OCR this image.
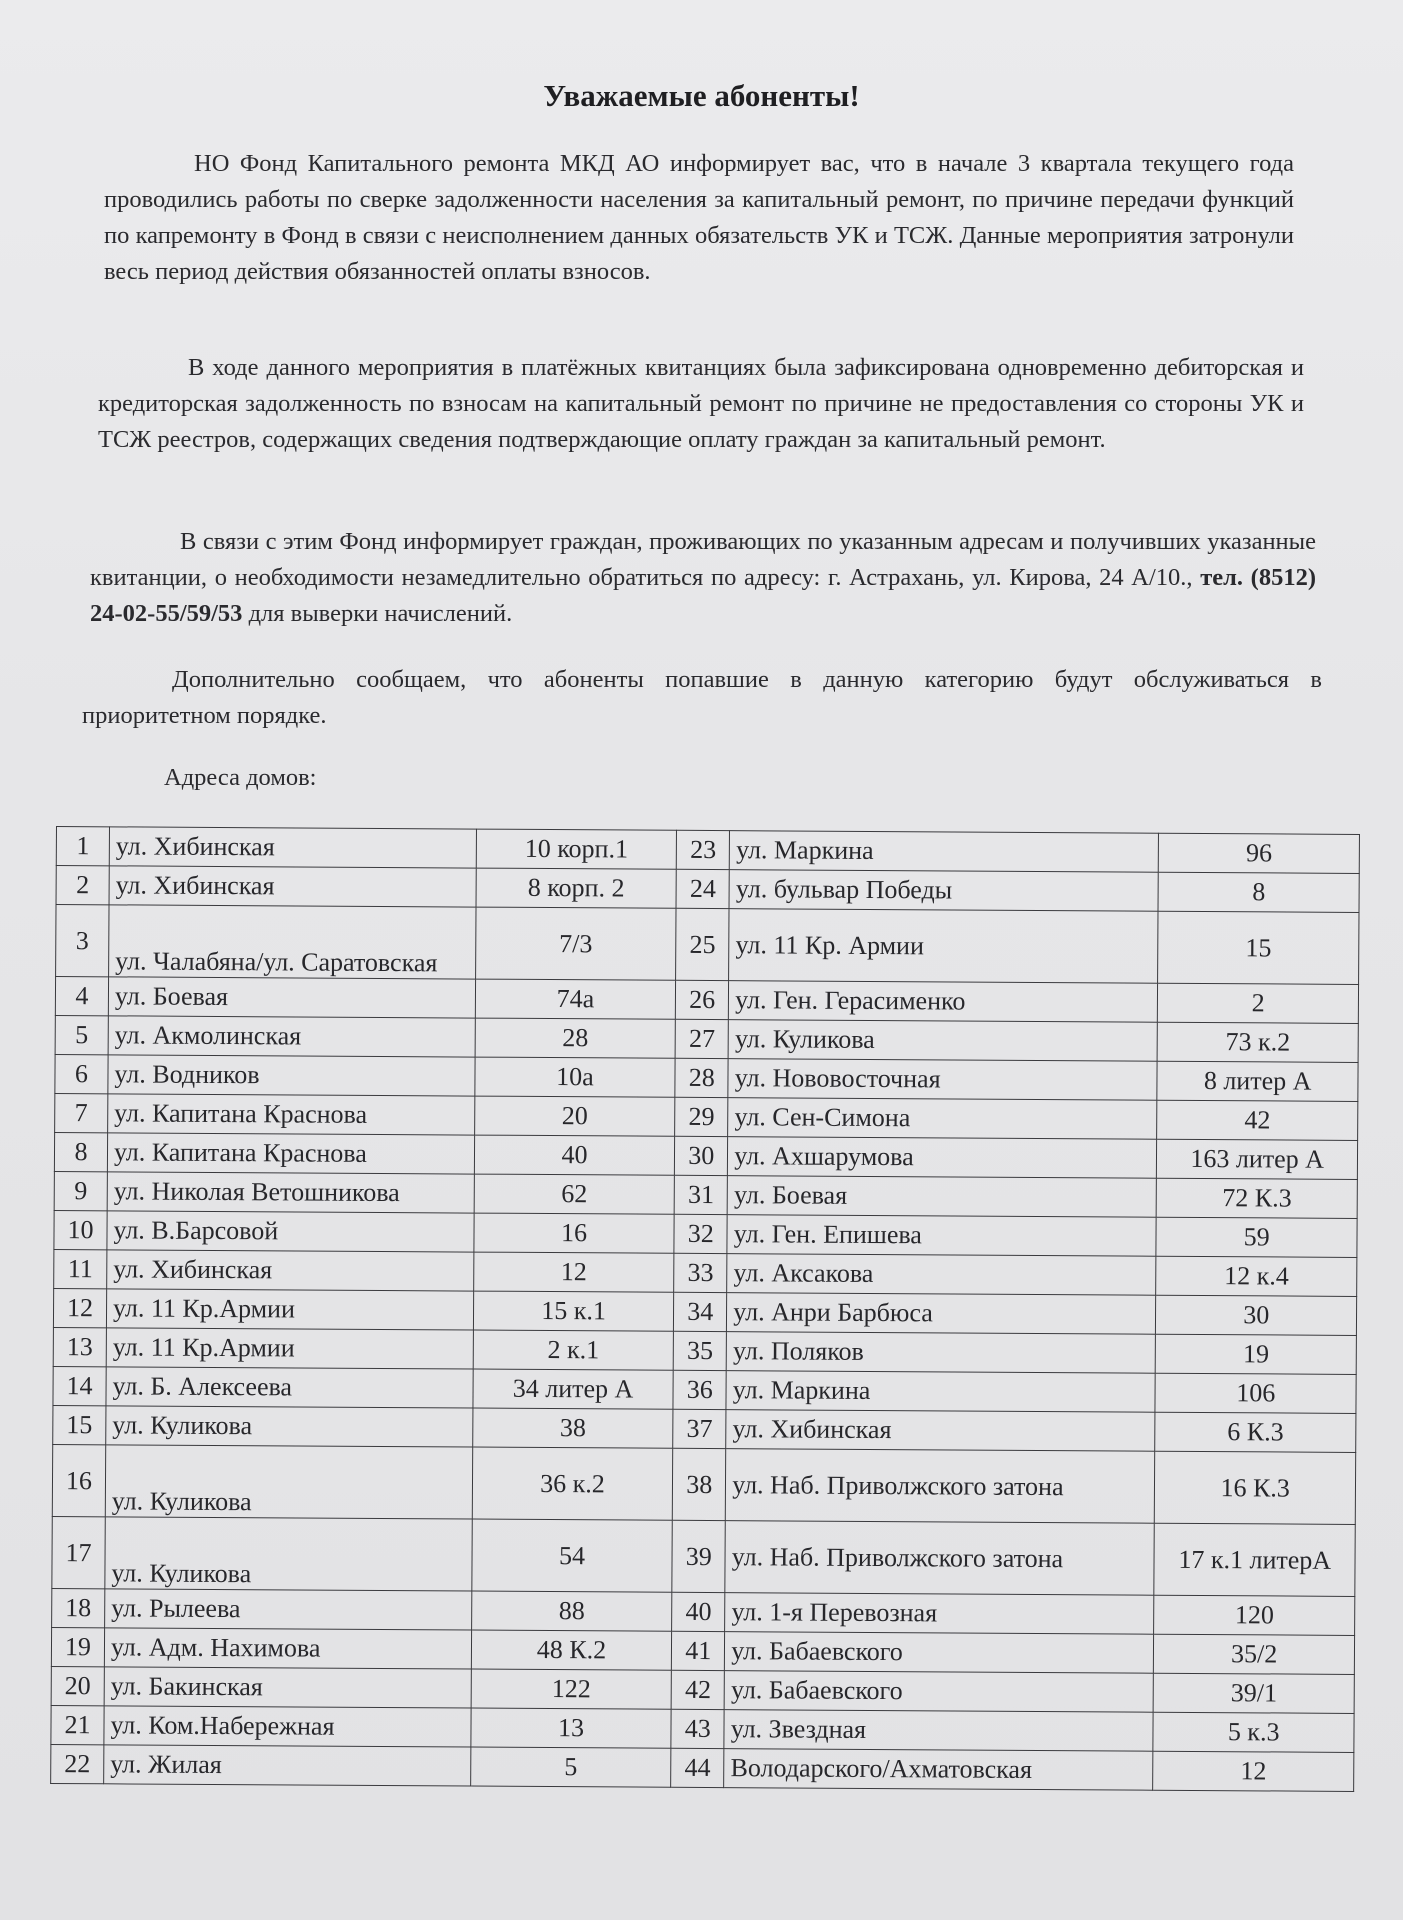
Уважаемые абоненты!
НО Фонд Капитального ремонта МКД АО информирует вас, что в начале 3 квартала текущего года проводились работы по сверке задолженности населения за капитальный ремонт, по причине передачи функций по капремонту в Фонд в связи с неисполнением данных обязательств УК и ТСЖ. Данные мероприятия затронули весь период действия обязанностей оплаты взносов.
В ходе данного мероприятия в платёжных квитанциях была зафиксирована одновременно дебиторская и кредиторская задолженность по взносам на капитальный ремонт по причине не предоставления со стороны УК и ТСЖ реестров, содержащих сведения подтверждающие оплату граждан за капитальный ремонт.
В связи с этим Фонд информирует граждан, проживающих по указанным адресам и получивших указанные квитанции, о необходимости незамедлительно обратиться по адресу: г. Астрахань, ул. Кирова, 24 А/10., тел. (8512) 24-02-55/59/53 для выверки начислений.
Дополнительно сообщаем, что абоненты попавшие в данную категорию будут обслуживаться в приоритетном порядке.
Адреса домов:
1	ул. Хибинская	10 корп.1	23	ул. Маркина	96
2	ул. Хибинская	8 корп. 2	24	ул. бульвар Победы	8
3	ул. Чалабяна/ул. Саратовская	7/3	25	ул. 11 Кр. Армии	15
4	ул. Боевая	74а	26	ул. Ген. Герасименко	2
5	ул. Акмолинская	28	27	ул. Куликова	73 к.2
6	ул. Водников	10а	28	ул. Нововосточная	8 литер А
7	ул. Капитана Краснова	20	29	ул. Сен-Симона	42
8	ул. Капитана Краснова	40	30	ул. Ахшарумова	163 литер А
9	ул. Николая Ветошникова	62	31	ул. Боевая	72 К.3
10	ул. В.Барсовой	16	32	ул. Ген. Епишева	59
11	ул. Хибинская	12	33	ул. Аксакова	12 к.4
12	ул. 11 Кр.Армии	15 к.1	34	ул. Анри Барбюса	30
13	ул. 11 Кр.Армии	2 к.1	35	ул. Поляков	19
14	ул. Б. Алексеева	34 литер А	36	ул. Маркина	106
15	ул. Куликова	38	37	ул. Хибинская	6 К.3
16	ул. Куликова	36 к.2	38	ул. Наб. Приволжского затона	16 К.3
17	ул. Куликова	54	39	ул. Наб. Приволжского затона	17 к.1 литерА
18	ул. Рылеева	88	40	ул. 1-я Перевозная	120
19	ул. Адм. Нахимова	48 К.2	41	ул. Бабаевского	35/2
20	ул. Бакинская	122	42	ул. Бабаевского	39/1
21	ул. Ком.Набережная	13	43	ул. Звездная	5 к.3
22	ул. Жилая	5	44	Володарского/Ахматовская	12
